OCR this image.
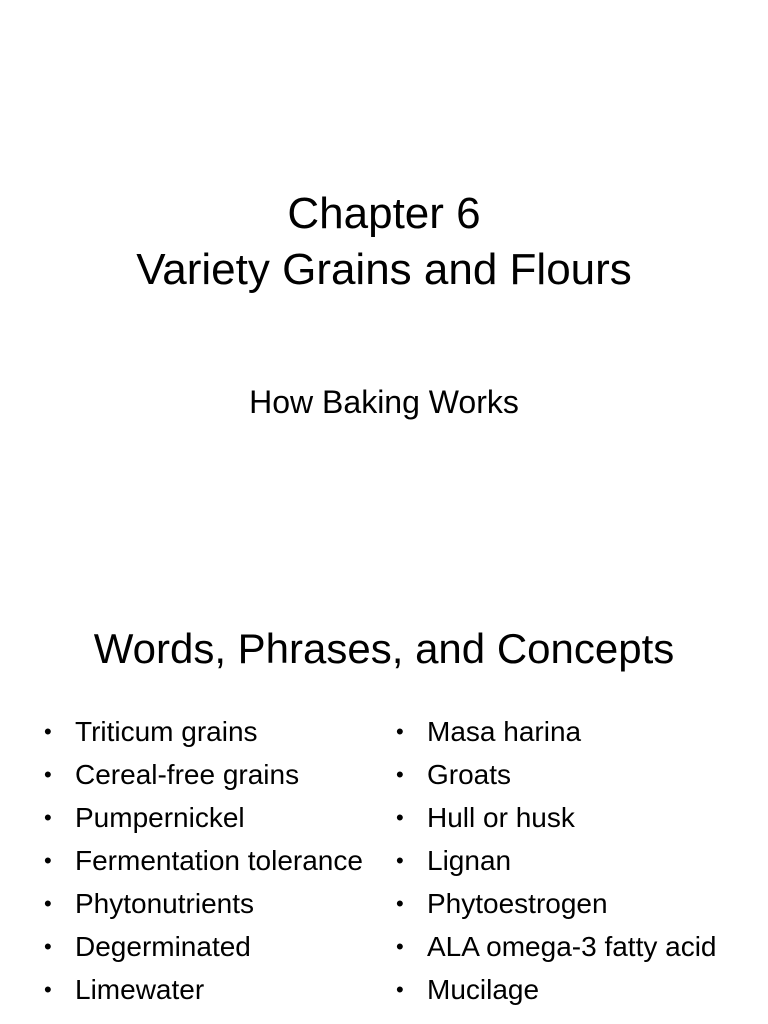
Chapter 6
Variety Grains and Flours
How Baking Works
Words, Phrases, and Concepts
• Triticum grains
• Cereal-free grains
• Pumpernickel
• Fermentation tolerance
• Phytonutrients
• Degerminated
• Limewater
• Masa harina
• Groats
• Hull or husk
• Lignan
• Phytoestrogen
• ALA omega-3 fatty acid
• Mucilage
